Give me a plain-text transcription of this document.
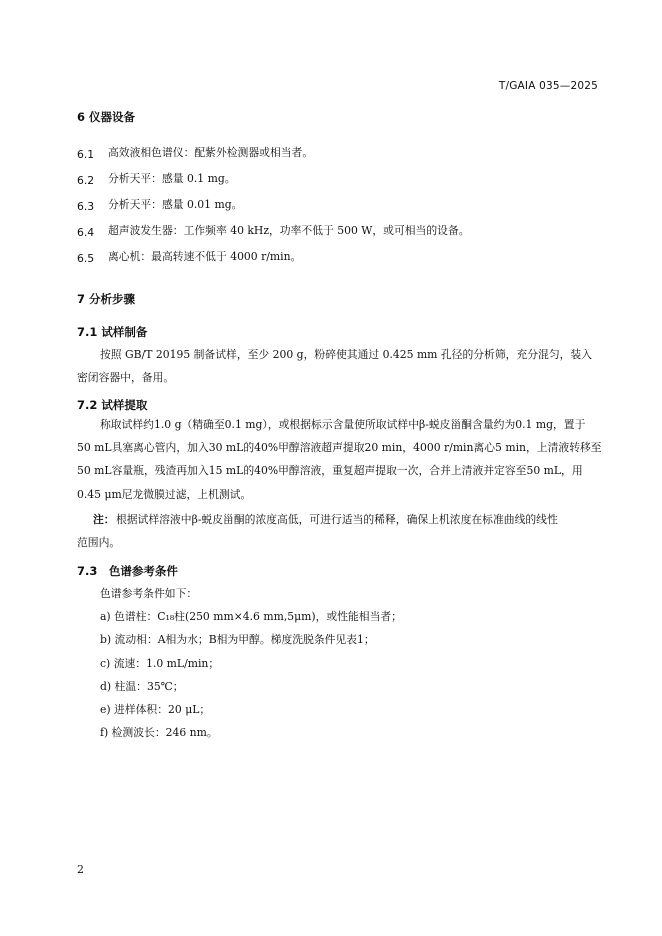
T/GAIA 035—2025
6 仪器设备
6.1 高效液相色谱仪：配紫外检测器或相当者。
6.2 分析天平：感量 0.1 mg。
6.3 分析天平：感量 0.01 mg。
6.4 超声波发生器：工作频率 40 kHz，功率不低于 500 W，或可相当的设备。
6.5 离心机：最高转速不低于 4000 r/min。
7 分析步骤
7.1 试样制备
按照 GB/T 20195 制备试样，至少 200 g，粉碎使其通过 0.425 mm 孔径的分析筛，充分混匀，装入
密闭容器中，备用。
7.2 试样提取
称取试样约1.0 g（精确至0.1 mg），或根据标示含量使所取试样中β-蜕皮甾酮含量约为0.1 mg，置于
50 mL具塞离心管内，加入30 mL的40%甲醇溶液超声提取20 min，4000 r/min离心5 min，上清液转移至
50 mL容量瓶，残渣再加入15 mL的40%甲醇溶液，重复超声提取一次，合并上清液并定容至50 mL，用
0.45 μm尼龙微膜过滤，上机测试。
注： 根据试样溶液中β-蜕皮甾酮的浓度高低，可进行适当的稀释，确保上机浓度在标准曲线的线性
范围内。
7.3　色谱参考条件
色谱参考条件如下：
a) 色谱柱：C₁₈柱(250 mm×4.6 mm,5μm)，或性能相当者；
b) 流动相：A相为水；B相为甲醇。梯度洗脱条件见表1；
c) 流速：1.0 mL/min；
d) 柱温：35℃；
e) 进样体积：20 μL；
f) 检测波长：246 nm。
2
